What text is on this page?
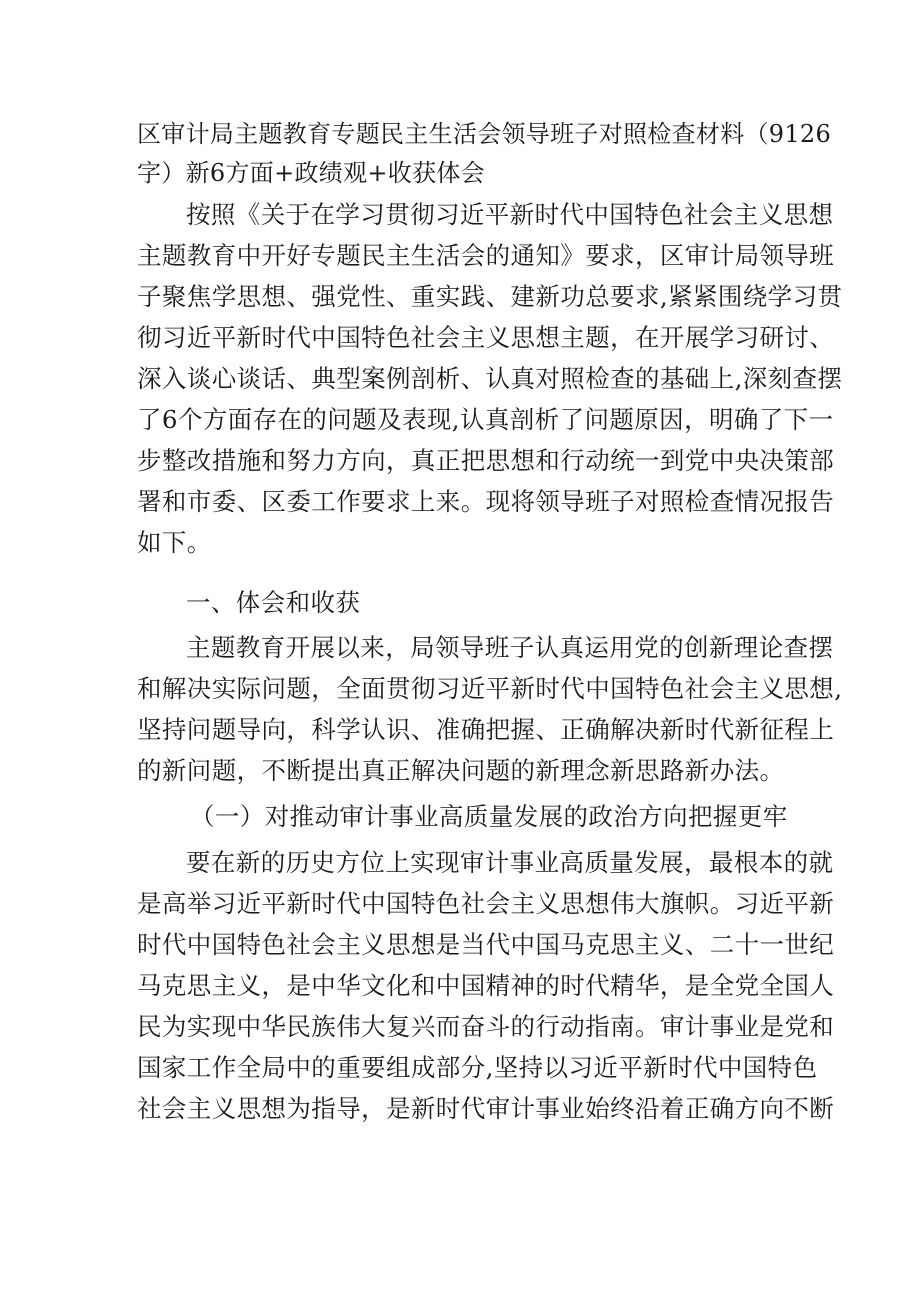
区审计局主题教育专题民主生活会领导班子对照检查材料（9126

字）新6方面+政绩观+收获体会

按照《关于在学习贯彻习近平新时代中国特色社会主义思想

主题教育中开好专题民主生活会的通知》要求，区审计局领导班

子聚焦学思想、强党性、重实践、建新功总要求,紧紧围绕学习贯

彻习近平新时代中国特色社会主义思想主题，在开展学习研讨、

深入谈心谈话、典型案例剖析、认真对照检查的基础上,深刻查摆

了6个方面存在的问题及表现,认真剖析了问题原因，明确了下一

步整改措施和努力方向，真正把思想和行动统一到党中央决策部

署和市委、区委工作要求上来。现将领导班子对照检查情况报告

如下。

一、体会和收获

主题教育开展以来，局领导班子认真运用党的创新理论查摆

和解决实际问题，全面贯彻习近平新时代中国特色社会主义思想,

坚持问题导向，科学认识、准确把握、正确解决新时代新征程上

的新问题，不断提出真正解决问题的新理念新思路新办法。

（一）对推动审计事业高质量发展的政治方向把握更牢

要在新的历史方位上实现审计事业高质量发展，最根本的就

是高举习近平新时代中国特色社会主义思想伟大旗帜。习近平新

时代中国特色社会主义思想是当代中国马克思主义、二十一世纪

马克思主义，是中华文化和中国精神的时代精华，是全党全国人

民为实现中华民族伟大复兴而奋斗的行动指南。审计事业是党和

国家工作全局中的重要组成部分,坚持以习近平新时代中国特色

社会主义思想为指导，是新时代审计事业始终沿着正确方向不断
